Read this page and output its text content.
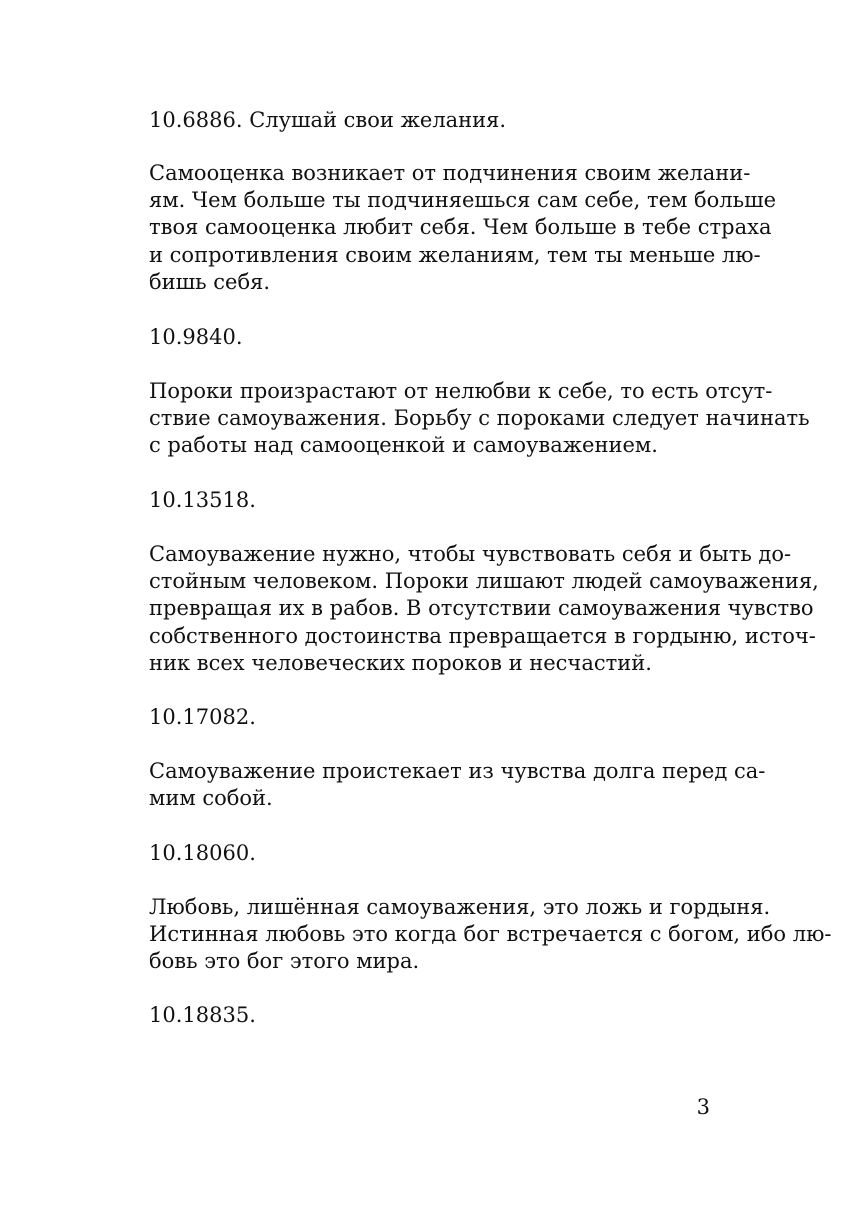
10.6886. Слушай свои желания.

Самооценка возникает от подчинения своим желани-
ям. Чем больше ты подчиняешься сам себе, тем больше
твоя самооценка любит себя. Чем больше в тебе страха
и сопротивления своим желаниям, тем ты меньше лю-
бишь себя.

10.9840.

Пороки произрастают от нелюбви к себе, то есть отсут-
ствие самоуважения. Борьбу с пороками следует начинать
с работы над самооценкой и самоуважением.

10.13518.

Самоуважение нужно, чтобы чувствовать себя и быть до-
стойным человеком. Пороки лишают людей самоуважения,
превращая их в рабов. В отсутствии самоуважения чувство
собственного достоинства превращается в гордыню, источ-
ник всех человеческих пороков и несчастий.

10.17082.

Самоуважение проистекает из чувства долга перед са-
мим собой.

10.18060.

Любовь, лишённая самоуважения, это ложь и гордыня.
Истинная любовь это когда бог встречается с богом, ибо лю-
бовь это бог этого мира.

10.18835.

3
